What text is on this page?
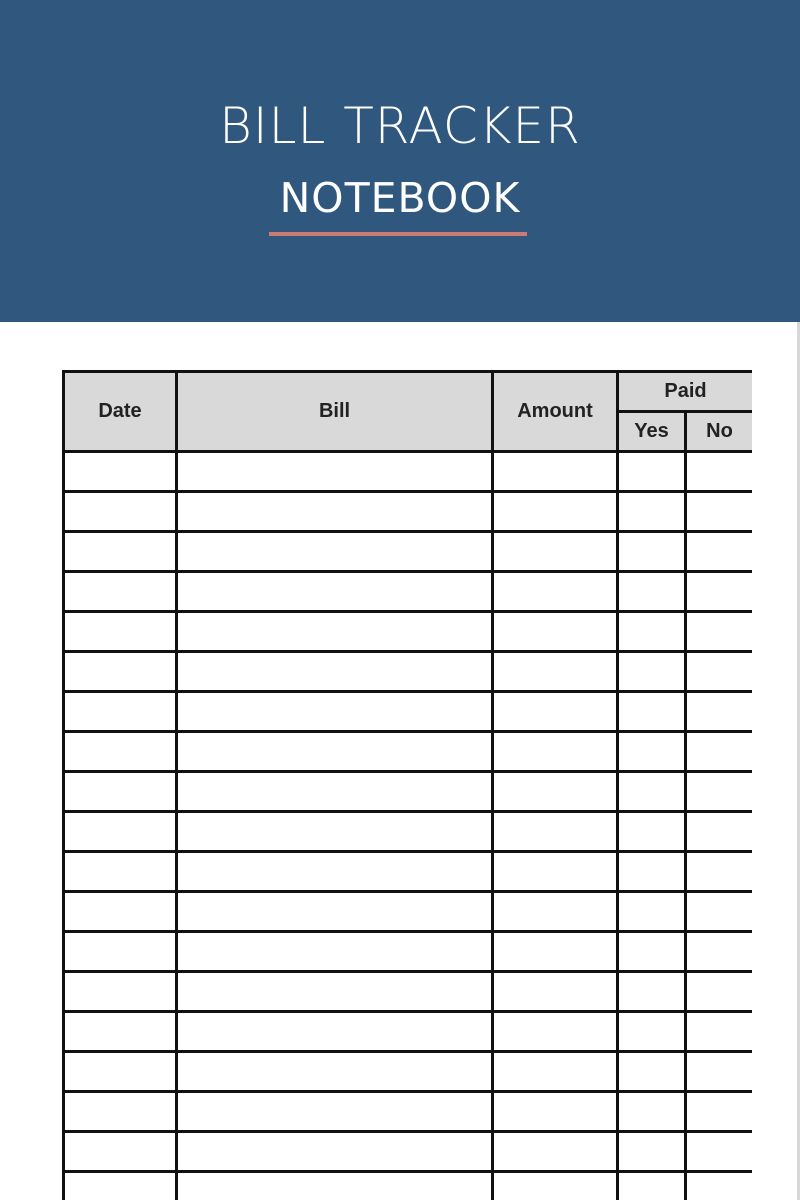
BILL TRACKER
NOTEBOOK
Date	Bill	Amount	Paid	
			Yes	No
